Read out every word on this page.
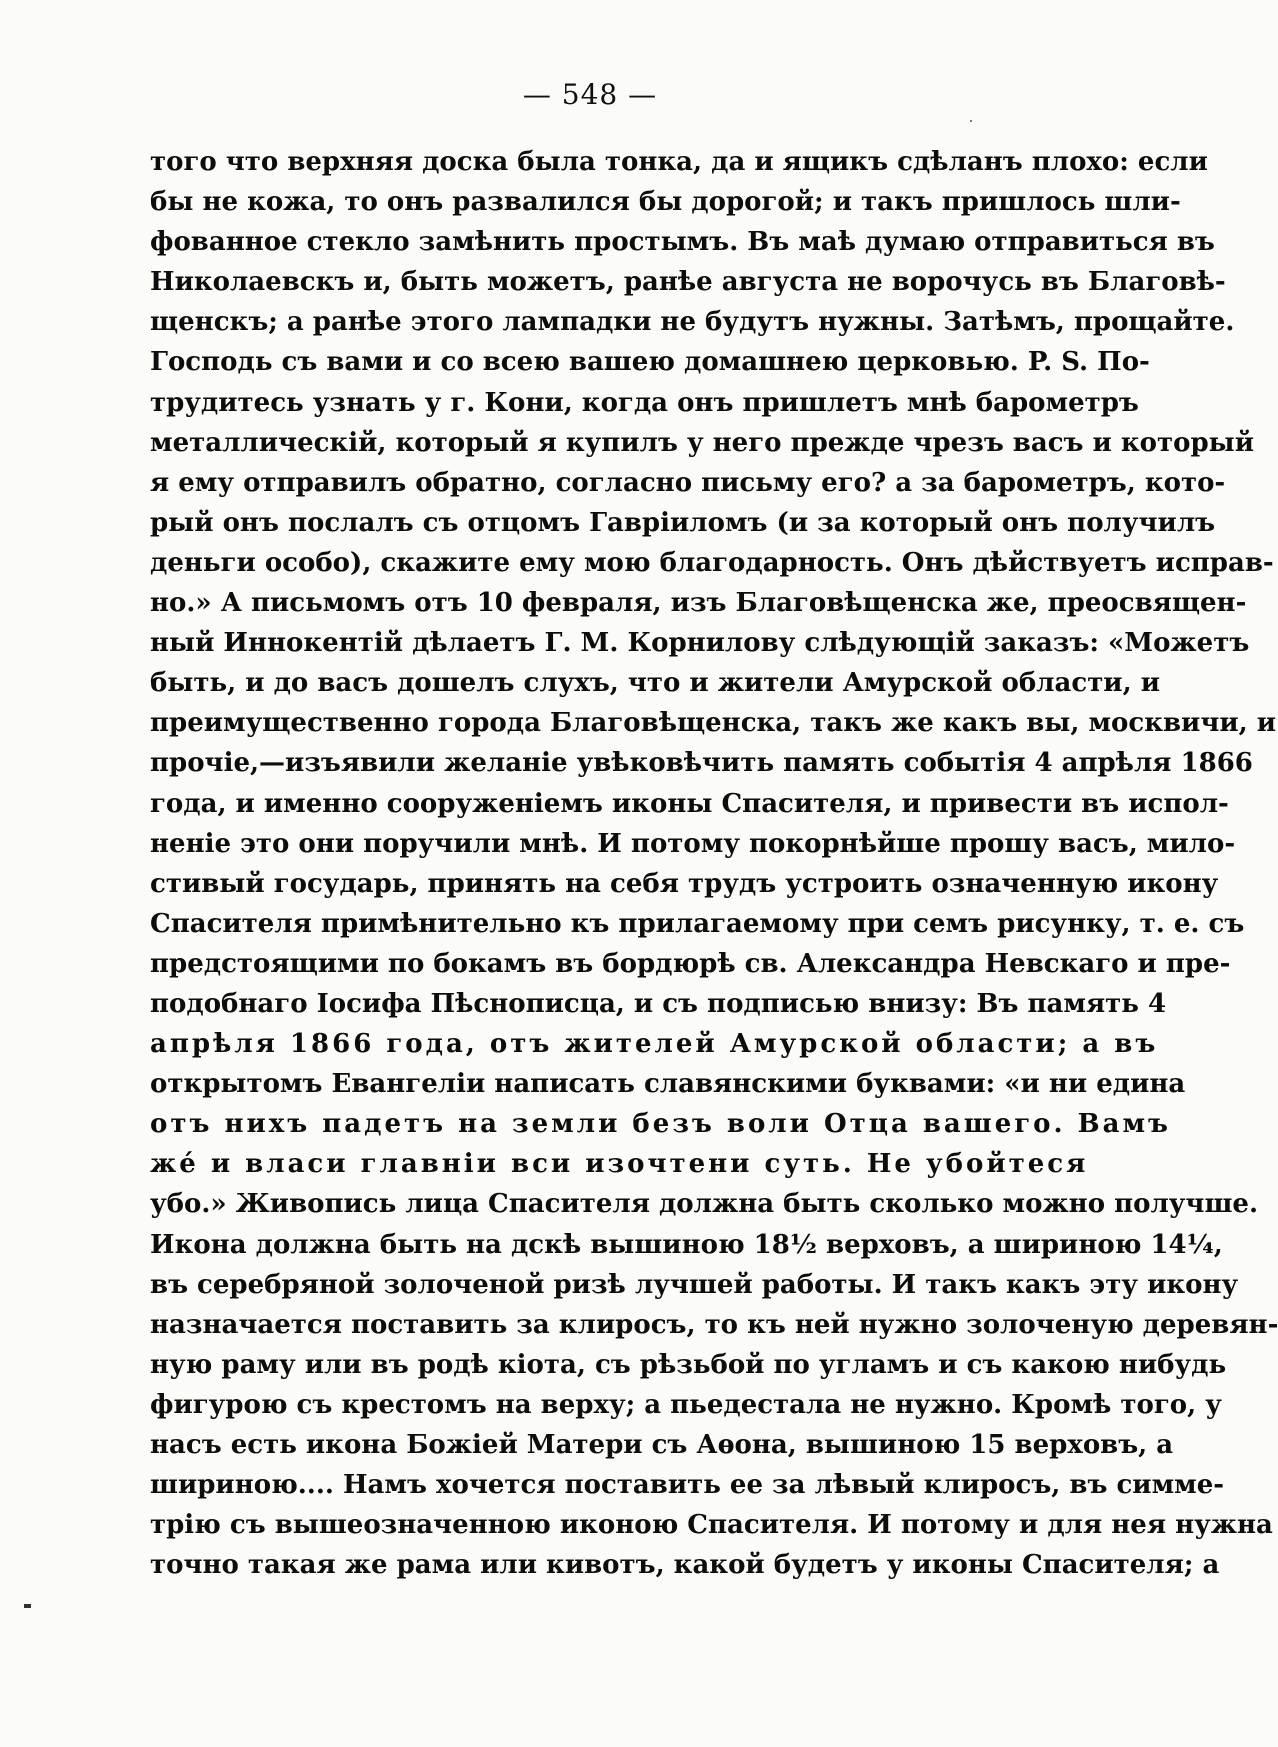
— 548 —
того что верхняя доска была тонка, да и ящикъ сдѣланъ плохо: если
бы не кожа, то онъ развалился бы дорогой; и такъ пришлось шли-
фованное стекло замѣнить простымъ. Въ маѣ думаю отправиться въ
Николаевскъ и, быть можетъ, ранѣе августа не ворочусь въ Благовѣ-
щенскъ; а ранѣе этого лампадки не будутъ нужны. Затѣмъ, прощайте.
Господь съ вами и со всею вашею домашнею церковью. P. S. По-
трудитесь узнать у г. Кони, когда онъ пришлетъ мнѣ барометръ
металлическій, который я купилъ у него прежде чрезъ васъ и который
я ему отправилъ обратно, согласно письму его? а за барометръ, кото-
рый онъ послалъ съ отцомъ Гавріиломъ (и за который онъ получилъ
деньги особо), скажите ему мою благодарность. Онъ дѣйствуетъ исправ-
но.» А письмомъ отъ 10 февраля, изъ Благовѣщенска же, преосвящен-
ный Иннокентій дѣлаетъ Г. М. Корнилову слѣдующій заказъ: «Можетъ
быть, и до васъ дошелъ слухъ, что и жители Амурской области, и
преимущественно города Благовѣщенска, такъ же какъ вы, москвичи, и
прочіе,—изъявили желаніе увѣковѣчить память событія 4 апрѣля 1866
года, и именно сооруженіемъ иконы Спасителя, и привести въ испол-
неніе это они поручили мнѣ. И потому покорнѣйше прошу васъ, мило-
стивый государь, принять на себя трудъ устроить означенную икону
Спасителя примѣнительно къ прилагаемому при семъ рисунку, т. е. съ
предстоящими по бокамъ въ бордюрѣ св. Александра Невскаго и пре-
подобнаго Іосифа Пѣснописца, и съ подписью внизу: Въ память 4
апрѣля 1866 года, отъ жителей Амурской области; а въ
открытомъ Евангеліи написать славянскими буквами: «и ни едина
отъ нихъ падетъ на земли безъ воли Отца вашего. Вамъ
же́ и власи главніи вси изочтени суть. Не убойтеся
убо.» Живопись лица Спасителя должна быть сколько можно получше.
Икона должна быть на дскѣ вышиною 18½ верховъ, а шириною 14¼,
въ серебряной золоченой ризѣ лучшей работы. И такъ какъ эту икону
назначается поставить за клиросъ, то къ ней нужно золоченую деревян-
ную раму или въ родѣ кіота, съ рѣзьбой по угламъ и съ какою нибудь
фигурою съ крестомъ на верху; а пьедестала не нужно. Кромѣ того, у
насъ есть икона Божіей Матери съ Аѳона, вышиною 15 верховъ, а
шириною.... Намъ хочется поставить ее за лѣвый клиросъ, въ симме-
трію съ вышеозначенною иконою Спасителя. И потому и для нея нужна
точно такая же рама или кивотъ, какой будетъ у иконы Спасителя; а
